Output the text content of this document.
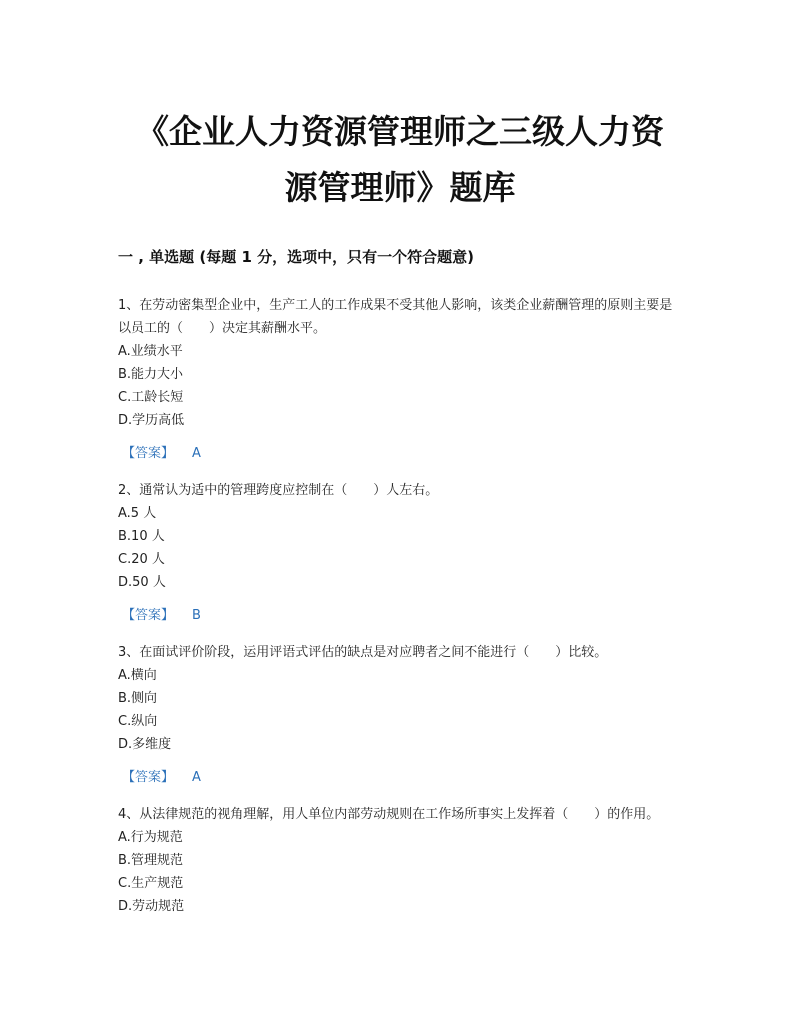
《企业人力资源管理师之三级人力资
源管理师》题库
一 , 单选题 (每题 1 分，选项中，只有一个符合题意)

1、在劳动密集型企业中，生产工人的工作成果不受其他人影响，该类企业薪酬管理的原则主要是以员工的（　　）决定其薪酬水平。

A.业绩水平

B.能力大小

C.工龄长短

D.学历高低

【答案】 A

2、通常认为适中的管理跨度应控制在（　　）人左右。

A.5 人

B.10 人

C.20 人

D.50 人

【答案】 B

3、在面试评价阶段，运用评语式评估的缺点是对应聘者之间不能进行（　　）比较。

A.横向

B.侧向

C.纵向

D.多维度

【答案】 A

4、从法律规范的视角理解，用人单位内部劳动规则在工作场所事实上发挥着（　　）的作用。

A.行为规范

B.管理规范

C.生产规范

D.劳动规范
